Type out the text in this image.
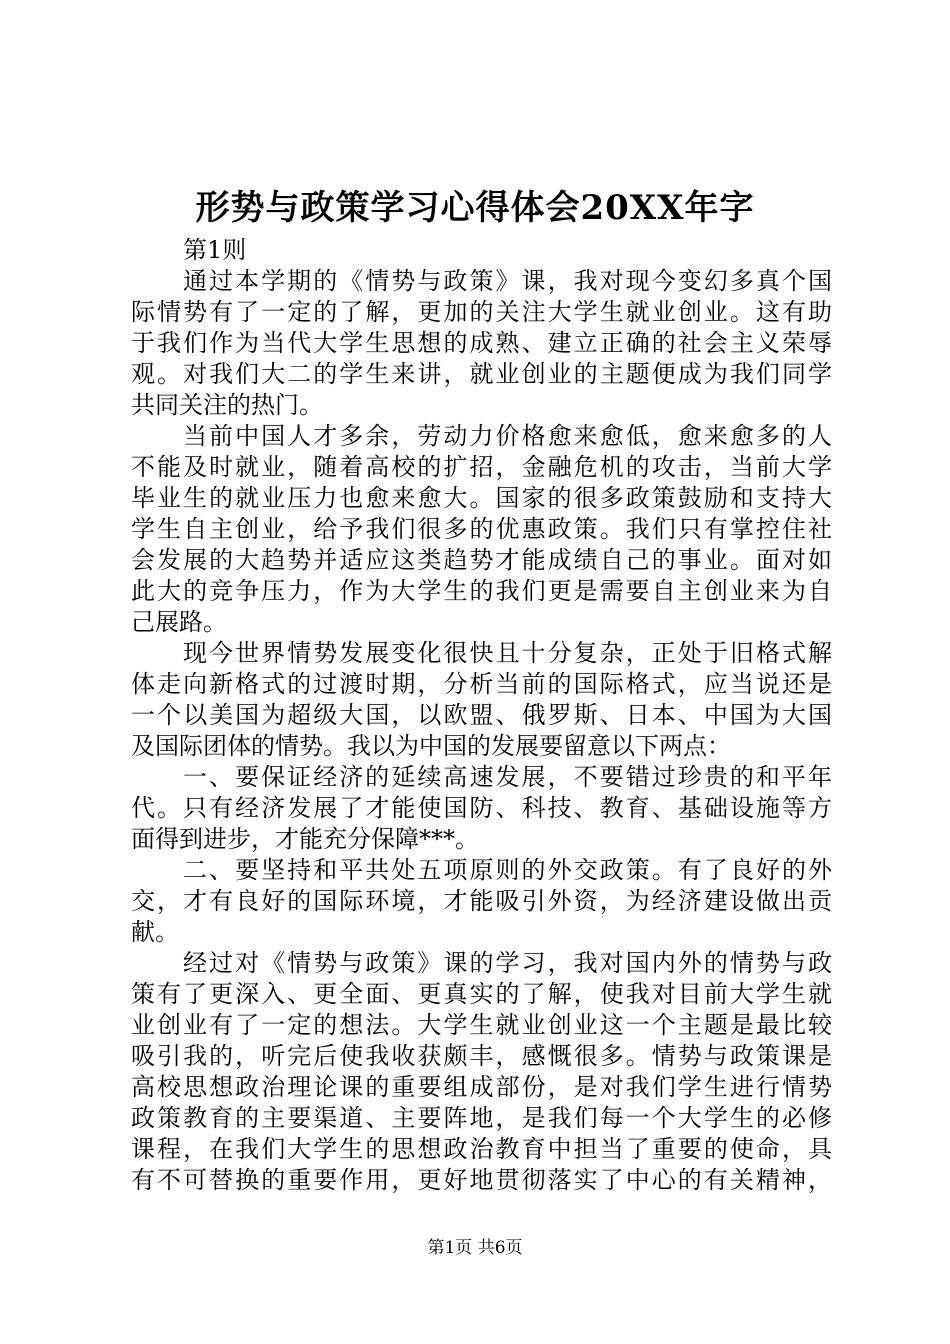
形势与政策学习心得体会20XX年字
第1则
通过本学期的《情势与政策》课，我对现今变幻多真个国
际情势有了一定的了解，更加的关注大学生就业创业。这有助
于我们作为当代大学生思想的成熟、建立正确的社会主义荣辱
观。对我们大二的学生来讲，就业创业的主题便成为我们同学
共同关注的热门。
当前中国人才多余，劳动力价格愈来愈低，愈来愈多的人
不能及时就业，随着高校的扩招，金融危机的攻击，当前大学
毕业生的就业压力也愈来愈大。国家的很多政策鼓励和支持大
学生自主创业，给予我们很多的优惠政策。我们只有掌控住社
会发展的大趋势并适应这类趋势才能成绩自己的事业。面对如
此大的竞争压力，作为大学生的我们更是需要自主创业来为自
己展路。
现今世界情势发展变化很快且十分复杂，正处于旧格式解
体走向新格式的过渡时期，分析当前的国际格式，应当说还是
一个以美国为超级大国，以欧盟、俄罗斯、日本、中国为大国
及国际团体的情势。我以为中国的发展要留意以下两点：
一、要保证经济的延续高速发展，不要错过珍贵的和平年
代。只有经济发展了才能使国防、科技、教育、基础设施等方
面得到进步，才能充分保障***。
二、要坚持和平共处五项原则的外交政策。有了良好的外
交，才有良好的国际环境，才能吸引外资，为经济建设做出贡
献。
经过对《情势与政策》课的学习，我对国内外的情势与政
策有了更深入、更全面、更真实的了解，使我对目前大学生就
业创业有了一定的想法。大学生就业创业这一个主题是最比较
吸引我的，听完后使我收获颇丰，感慨很多。情势与政策课是
高校思想政治理论课的重要组成部份，是对我们学生进行情势
政策教育的主要渠道、主要阵地，是我们每一个大学生的必修
课程，在我们大学生的思想政治教育中担当了重要的使命，具
有不可替换的重要作用，更好地贯彻落实了中心的有关精神，
第1页 共6页
